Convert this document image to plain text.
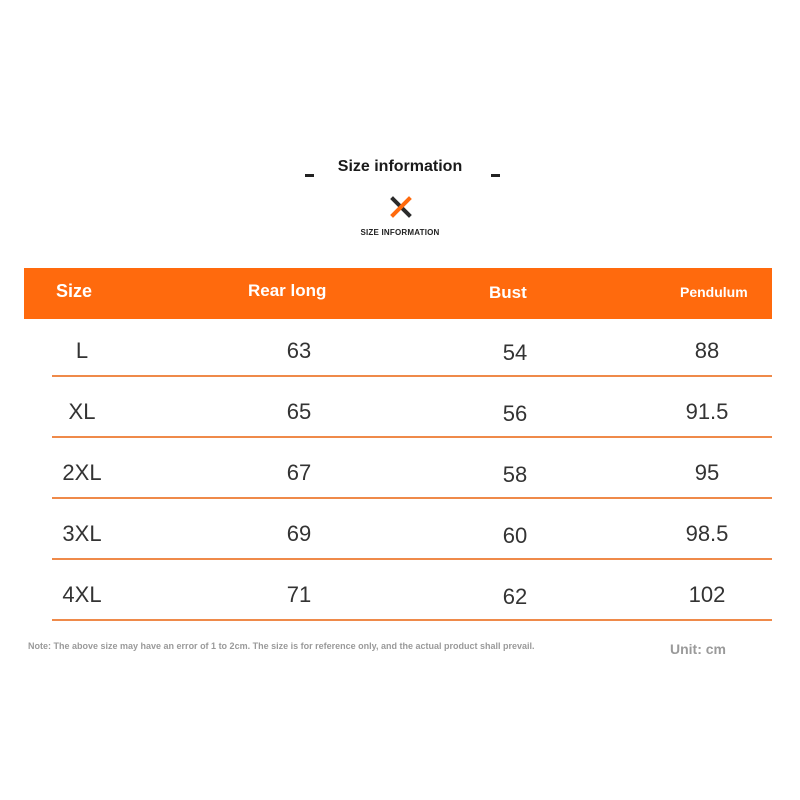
Size information
SIZE INFORMATION
Size	Rear long	Bust	Pendulum
L	63	54	88
XL	65	56	91.5
2XL	67	58	95
3XL	69	60	98.5
4XL	71	62	102
Note: The above size may have an error of 1 to 2cm. The size is for reference only, and the actual product shall prevail.	Unit: cm
